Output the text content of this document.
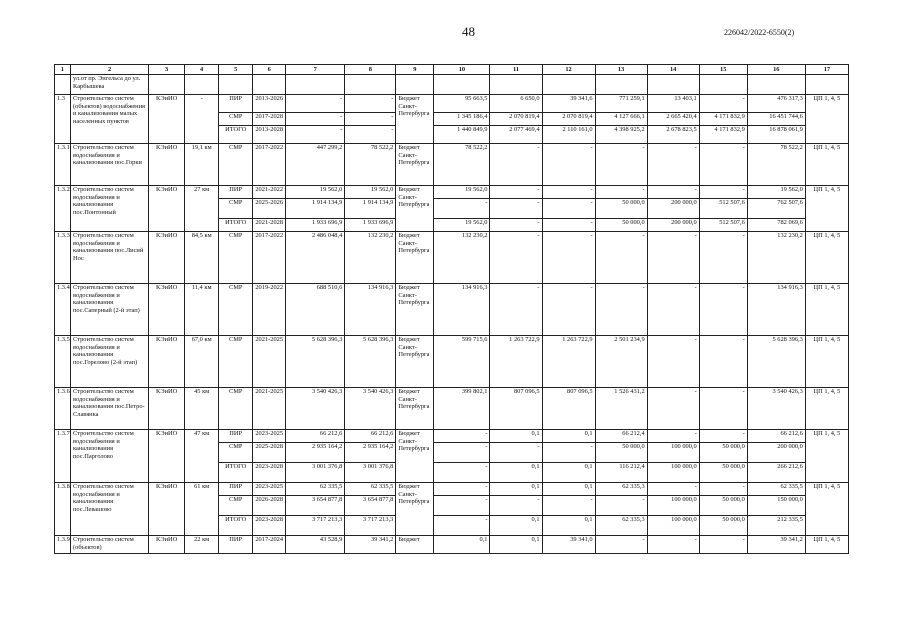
48	226042/2022-6550(2)
1	2	3	4	5	6	7	8	9	10	11	12	13	14	15	16	17
	ул.от пр. Энгельса до ул. Карбышева															
1.3	Строительство систем (объектов) водоснабжения и канализования малых населенных пунктов	КЭиИО	-	ПИР	2013-2026	-	-	Бюджет Санкт-Петербурга	95 663,5	6 650,0	39 341,6	771 259,1	13 403,1	-	476 317,3	ЦП 1, 4, 5
				СМР	2017-2028	-	-		1 345 186,4	2 070 819,4	2 070 819,4	4 127 666,1	2 665 420,4	4 171 832,9	16 451 744,6	
				ИТОГО	2013-2028	-	-		1 440 849,9	2 077 469,4	2 110 161,0	4 398 925,2	2 678 823,5	4 171 832,9	16 878 061,9	
1.3.1	Строительство систем водоснабжения и канализования пос.Горки	КЭиИО	19,1 км	СМР	2017-2022	447 299,2	78 522,2	Бюджет Санкт-Петербурга	78 522,2	-	-	-	-	-	78 522,2	ЦП 1, 4, 5
1.3.2	Строительство систем водоснабжения и канализования пос.Понтонный	КЭиИО	27 км	ПИР	2021-2022	19 562,0	19 562,0	Бюджет Санкт-Петербурга	19 562,0	-	-	-	-	-	19 562,0	ЦП 1, 4, 5
				СМР	2025-2026	1 914 134,9	1 914 134,9		-	-	-	50 000,0	200 000,0	512 507,6	762 507,6	
				ИТОГО	2021-2028	1 933 696,9	1 933 696,9		19 562,0	-	-	50 000,0	200 000,0	512 507,6	782 069,6	
1.3.3	Строительство систем водоснабжения и канализования пос.Лисий Нос	КЭиИО	84,5 км	СМР	2017-2022	2 486 048,4	132 230,2	Бюджет Санкт-Петербурга	132 230,2	-	-	-	-	-	132 230,2	ЦП 1, 4, 5
1.3.4	Строительство систем водоснабжения и канализования пос.Саперный (2-й этап)	КЭиИО	11,4 км	СМР	2019-2022	688 510,6	134 916,3	Бюджет Санкт-Петербурга	134 916,3	-	-	-	-	-	134 916,3	ЦП 1, 4, 5
1.3.5	Строительство систем водоснабжения и канализования пос.Горелово (2-й этап)	КЭиИО	67,0 км	СМР	2021-2025	5 628 396,3	5 628 396,3	Бюджет Санкт-Петербурга	599 715,6	1 263 722,9	1 263 722,9	2 501 234,9	-	-	5 628 396,3	ЦП 1, 4, 5
1.3.6	Строительство систем водоснабжения и канализования пос.Петро-Славянка	КЭиИО	45 км	СМР	2021-2025	3 540 426,3	3 540 426,3	Бюджет Санкт-Петербурга	399 802,1	807 096,5	807 096,5	1 526 431,2	-	-	3 540 426,3	ЦП 1, 4, 5
1.3.7	Строительство систем водоснабжения и канализования пос.Парголово	КЭиИО	47 км	ПИР	2023-2025	66 212,6	66 212,6	Бюджет Санкт-Петербурга	-	0,1	0,1	66 212,4	-	-	66 212,6	ЦП 1, 4, 5
				СМР	2025-2028	2 935 164,2	2 935 164,2		-	-	-	50 000,0	100 000,0	50 000,0	200 000,0	
				ИТОГО	2023-2028	3 001 376,8	3 001 376,8		-	0,1	0,1	116 212,4	100 000,0	50 000,0	266 212,6	
1.3.8	Строительство систем водоснабжения и канализования пос.Левашово	КЭиИО	61 км	ПИР	2023-2025	62 335,5	62 335,5	Бюджет Санкт-Петербурга	-	0,1	0,1	62 335,3	-	-	62 335,5	ЦП 1, 4, 5
				СМР	2026-2028	3 654 877,8	3 654 877,8		-	-	-	-	100 000,0	50 000,0	150 000,0	
				ИТОГО	2023-2028	3 717 213,3	3 717 213,3		-	0,1	0,1	62 335,3	100 000,0	50 000,0	212 335,5	
1.3.9	Строительство систем (объектов)	КЭиИО	22 км	ПИР	2017-2024	43 528,9	39 341,2	Бюджет	0,1	0,1	39 341,0	-	-	-	39 341,2	ЦП 1, 4, 5
